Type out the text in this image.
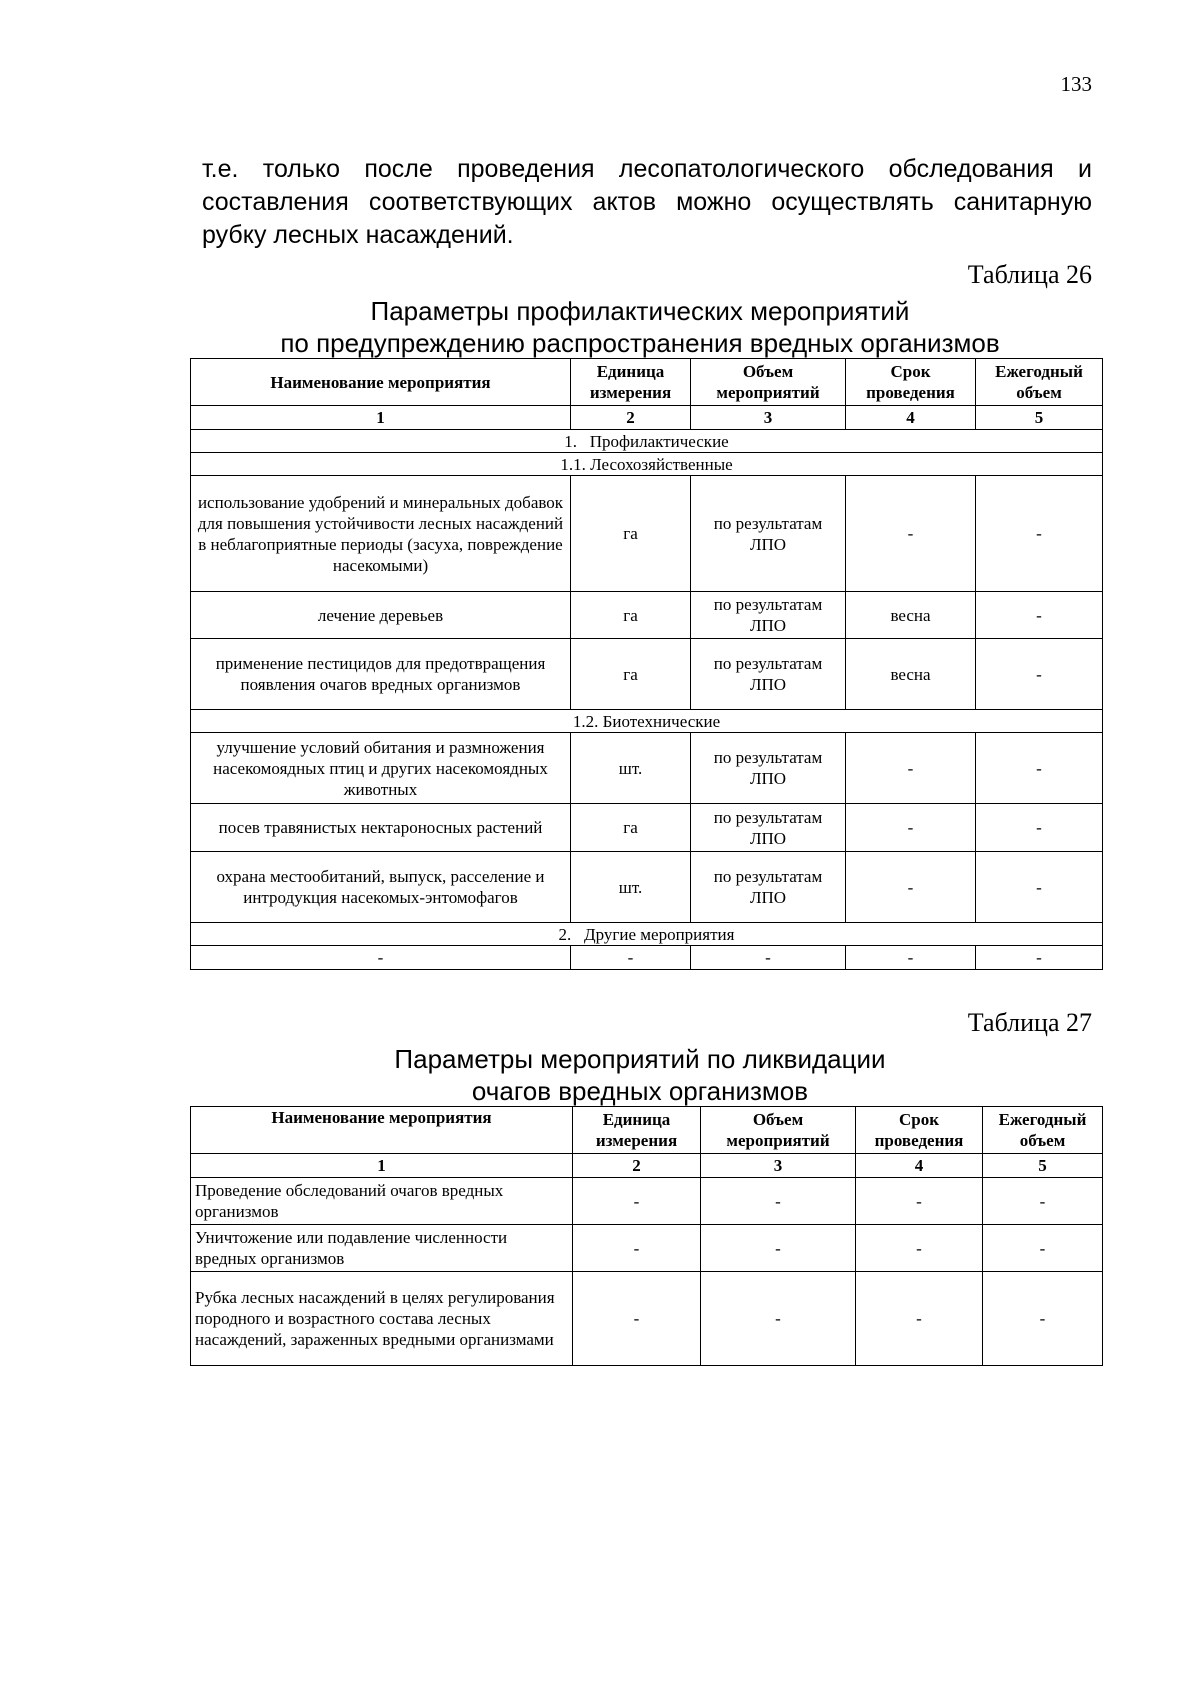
133

т.е. только после проведения лесопатологического обследования и составления соответствующих актов можно осуществлять санитарную рубку лесных насаждений.

Таблица 26
Параметры профилактических мероприятий
по предупреждению распространения вредных организмов
Наименование мероприятия	Единица измерения	Объем мероприятий	Срок проведения	Ежегодный объем
1	2	3	4	5
1.   Профилактические				
1.1. Лесохозяйственные				
использование удобрений и минеральных добавок для повышения устойчивости лесных насаждений в неблагоприятные периоды (засуха, повреждение насекомыми)	га	по результатам ЛПО	-	-
лечение деревьев	га	по результатам ЛПО	весна	-
применение пестицидов для предотвращения появления очагов вредных организмов	га	по результатам ЛПО	весна	-
1.2. Биотехнические				
улучшение условий обитания и размножения насекомоядных птиц и других насекомоядных животных	шт.	по результатам ЛПО	-	-
посев травянистых нектароносных растений	га	по результатам ЛПО	-	-
охрана местообитаний, выпуск, расселение и интродукция насекомых-энтомофагов	шт.	по результатам ЛПО	-	-
2.   Другие мероприятия				
-	-	-	-	-
Таблица 27
Параметры мероприятий по ликвидации
очагов вредных организмов
Наименование мероприятия	Единица измерения	Объем мероприятий	Срок проведения	Ежегодный объем
1	2	3	4	5
Проведение обследований очагов вредных организмов	-	-	-	-
Уничтожение или подавление численности вредных организмов	-	-	-	-
Рубка лесных насаждений в целях регулирования породного и возрастного состава лесных насаждений, зараженных вредными организмами	-	-	-	-
